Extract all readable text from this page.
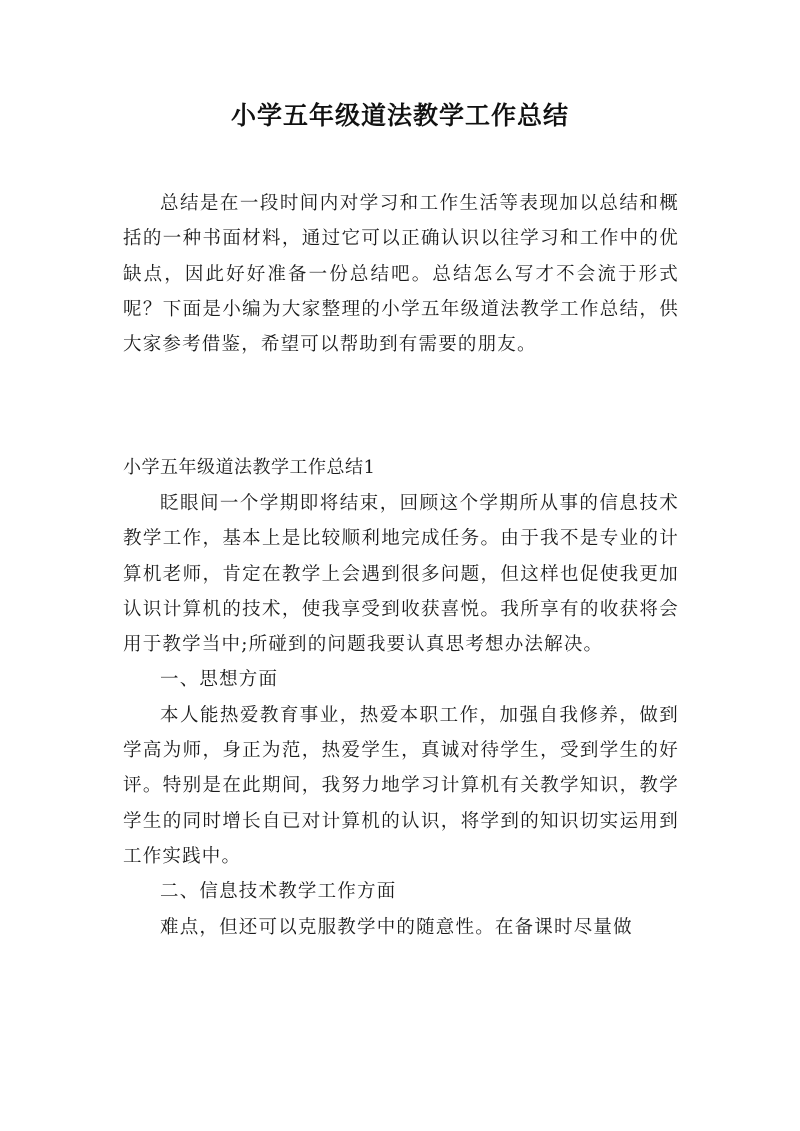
小学五年级道法教学工作总结

总结是在一段时间内对学习和工作生活等表现加以总结和概括的一种书面材料，通过它可以正确认识以往学习和工作中的优缺点，因此好好准备一份总结吧。总结怎么写才不会流于形式呢？下面是小编为大家整理的小学五年级道法教学工作总结，供大家参考借鉴，希望可以帮助到有需要的朋友。

小学五年级道法教学工作总结1

眨眼间一个学期即将结束，回顾这个学期所从事的信息技术教学工作，基本上是比较顺利地完成任务。由于我不是专业的计算机老师，肯定在教学上会遇到很多问题，但这样也促使我更加认识计算机的技术，使我享受到收获喜悦。我所享有的收获将会用于教学当中;所碰到的问题我要认真思考想办法解决。

一、思想方面

本人能热爱教育事业，热爱本职工作，加强自我修养，做到学高为师，身正为范，热爱学生，真诚对待学生，受到学生的好评。特别是在此期间，我努力地学习计算机有关教学知识，教学学生的同时增长自已对计算机的认识，将学到的知识切实运用到工作实践中。

二、信息技术教学工作方面

难点，但还可以克服教学中的随意性。在备课时尽量做
